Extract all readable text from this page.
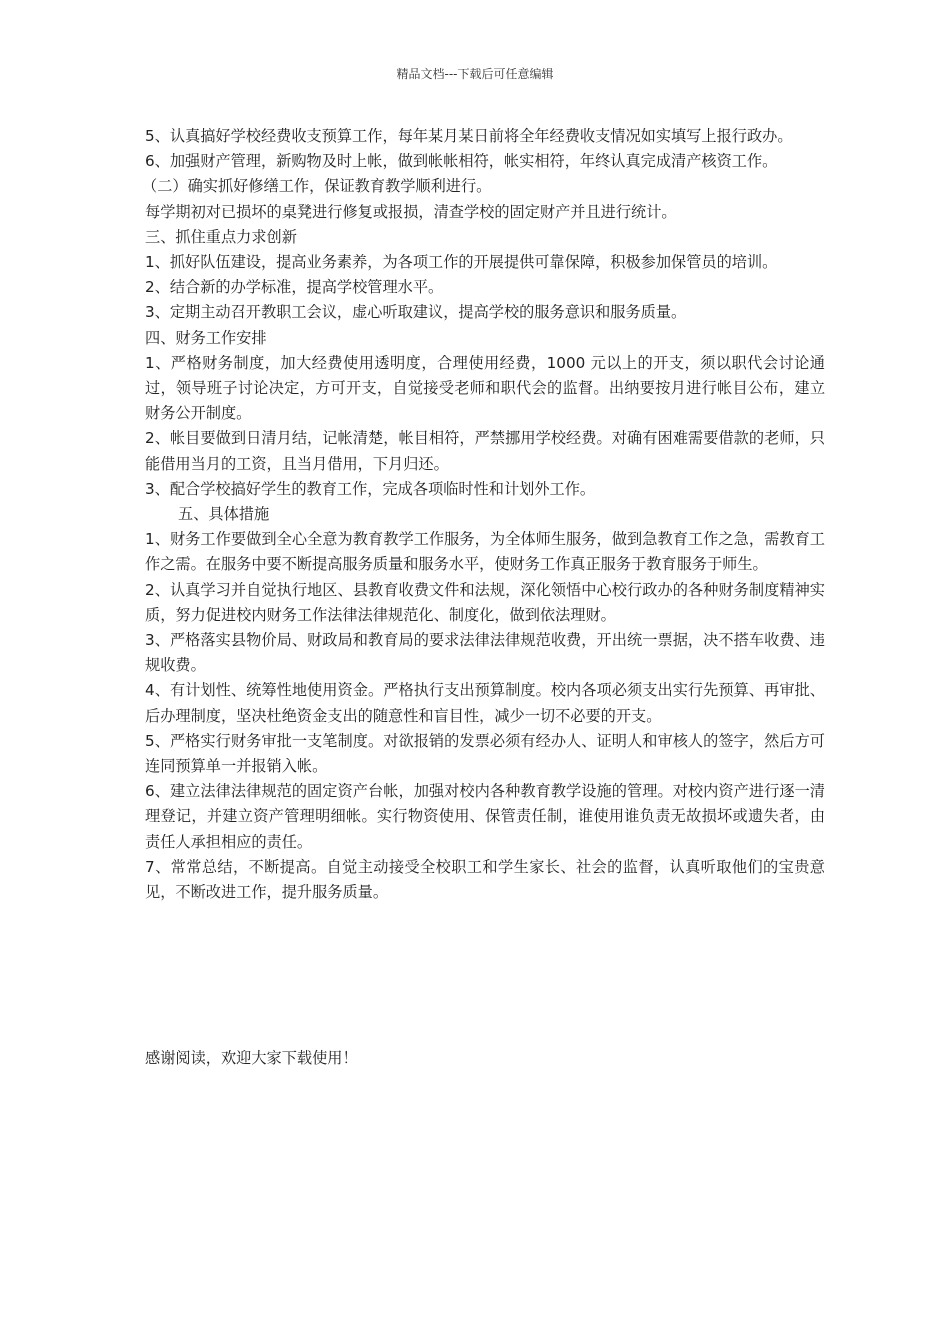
精品文档---下载后可任意编辑

5、认真搞好学校经费收支预算工作，每年某月某日前将全年经费收支情况如实填写上报行政办。

6、加强财产管理，新购物及时上帐，做到帐帐相符，帐实相符，年终认真完成清产核资工作。

（二）确实抓好修缮工作，保证教育教学顺利进行。

每学期初对已损坏的桌凳进行修复或报损，清查学校的固定财产并且进行统计。

三、抓住重点力求创新

1、抓好队伍建设，提高业务素养，为各项工作的开展提供可靠保障，积极参加保管员的培训。

2、结合新的办学标准，提高学校管理水平。

3、定期主动召开教职工会议，虚心听取建议，提高学校的服务意识和服务质量。

四、财务工作安排

1、严格财务制度，加大经费使用透明度，合理使用经费，1000 元以上的开支，须以职代会讨论通过，领导班子讨论决定，方可开支，自觉接受老师和职代会的监督。出纳要按月进行帐目公布，建立财务公开制度。

2、帐目要做到日清月结，记帐清楚，帐目相符，严禁挪用学校经费。对确有困难需要借款的老师，只能借用当月的工资，且当月借用，下月归还。

3、配合学校搞好学生的教育工作，完成各项临时性和计划外工作。

五、具体措施

1、财务工作要做到全心全意为教育教学工作服务，为全体师生服务，做到急教育工作之急，需教育工作之需。在服务中要不断提高服务质量和服务水平，使财务工作真正服务于教育服务于师生。

2、认真学习并自觉执行地区、县教育收费文件和法规，深化领悟中心校行政办的各种财务制度精神实质，努力促进校内财务工作法律法律规范化、制度化，做到依法理财。

3、严格落实县物价局、财政局和教育局的要求法律法律规范收费，开出统一票据，决不搭车收费、违规收费。

4、有计划性、统筹性地使用资金。严格执行支出预算制度。校内各项必须支出实行先预算、再审批、后办理制度，坚决杜绝资金支出的随意性和盲目性，减少一切不必要的开支。

5、严格实行财务审批一支笔制度。对欲报销的发票必须有经办人、证明人和审核人的签字，然后方可连同预算单一并报销入帐。

6、建立法律法律规范的固定资产台帐，加强对校内各种教育教学设施的管理。对校内资产进行逐一清理登记，并建立资产管理明细帐。实行物资使用、保管责任制，谁使用谁负责无故损坏或遗失者，由责任人承担相应的责任。

7、常常总结，不断提高。自觉主动接受全校职工和学生家长、社会的监督，认真听取他们的宝贵意见，不断改进工作，提升服务质量。

感谢阅读，欢迎大家下载使用！
